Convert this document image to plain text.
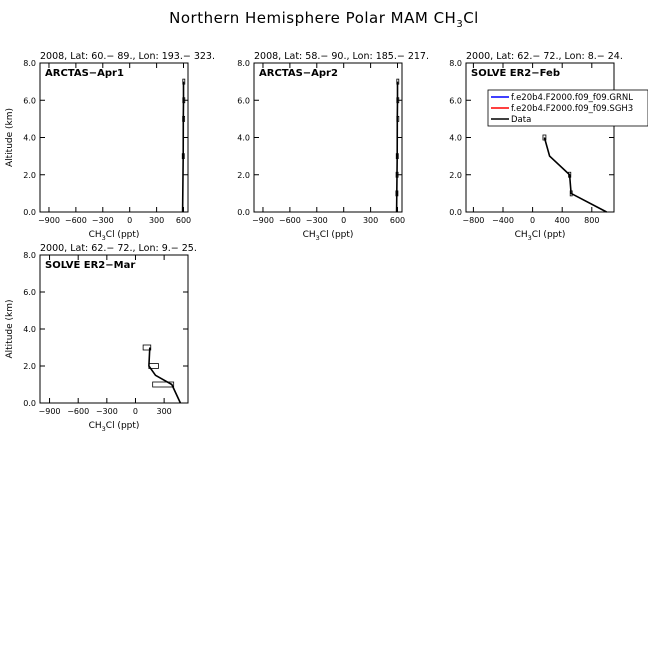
Northern Hemisphere Polar MAM $CH_3Cl$
2008, Lat: 60.− 89., Lon: 193.− 323.
ARCTAS−Apr1
0.0
2.0
4.0
6.0
8.0
−900 −600 −300 0 300 600
$CH_3Cl$ (ppt)
Altitude (km)
2008, Lat: 58.− 90., Lon: 185.− 217.
ARCTAS−Apr2
0.0
2.0
4.0
6.0
8.0
−900 −600 −300 0 300 600
$CH_3Cl$ (ppt)
2000, Lat: 62.− 72., Lon: 8.− 24.
SOLVE ER2−Feb
0.0
2.0
4.0
6.0
8.0
−800 −400 0 400 800
$CH_3Cl$ (ppt)
2000, Lat: 62.− 72., Lon: 9.− 25.
SOLVE ER2−Mar
0.0
2.0
4.0
6.0
8.0
−900 −600 −300 0 300
$CH_3Cl$ (ppt)
Altitude (km)
f.e20b4.F2000.f09_f09.GRNL
f.e20b4.F2000.f09_f09.SGH3
Data
